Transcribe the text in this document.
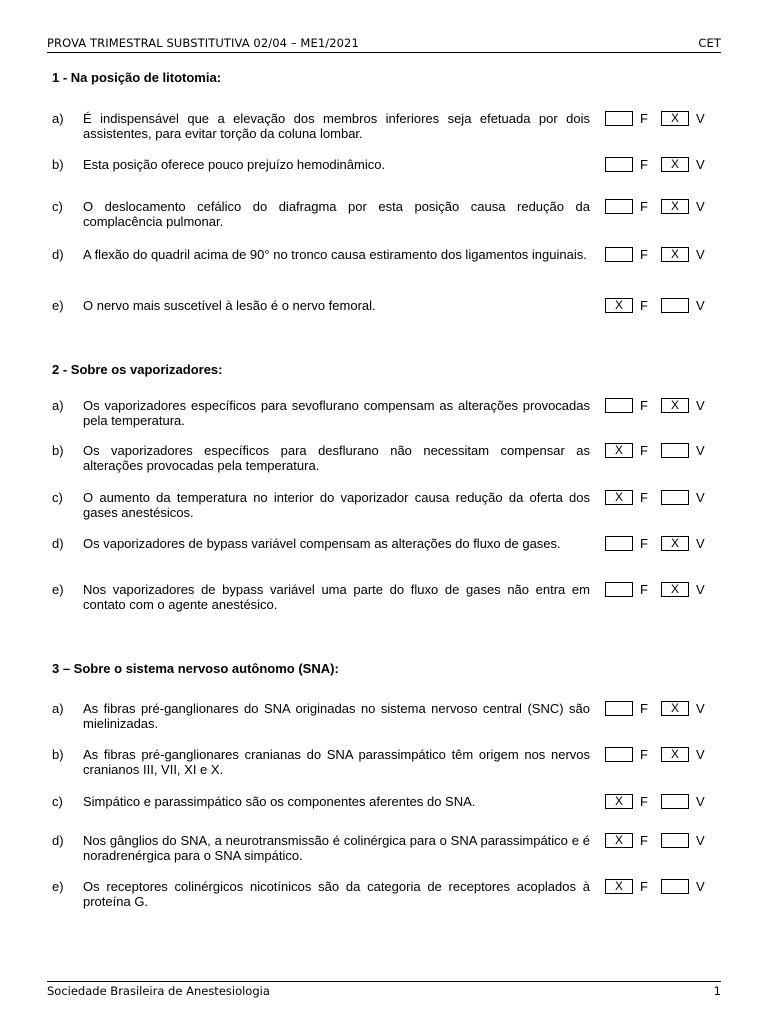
PROVA TRIMESTRAL SUBSTITUTIVA 02/04 – ME1/2021	CET
1 - Na posição de litotomia:
a) É indispensável que a elevação dos membros inferiores seja efetuada por dois assistentes, para evitar torção da coluna lombar.
F	X	V
b) Esta posição oferece pouco prejuízo hemodinâmico.	F	X	V
c) O deslocamento cefálico do diafragma por esta posição causa redução da complacência pulmonar.
F	X	V
d) A flexão do quadril acima de 90° no tronco causa estiramento dos ligamentos inguinais.	F	X	V
e) O nervo mais suscetível à lesão é o nervo femoral.	X	F	V
2 - Sobre os vaporizadores:
a) Os vaporizadores específicos para sevoflurano compensam as alterações provocadas pela temperatura.
F	X	V
b) Os vaporizadores específicos para desflurano não necessitam compensar as alterações provocadas pela temperatura.
X	F	V
c) O aumento da temperatura no interior do vaporizador causa redução da oferta dos gases anestésicos.
X	F	V
d) Os vaporizadores de bypass variável compensam as alterações do fluxo de gases.	F	X	V
e) Nos vaporizadores de bypass variável uma parte do fluxo de gases não entra em contato com o agente anestésico.
F	X	V
3 – Sobre o sistema nervoso autônomo (SNA):
a) As fibras pré-ganglionares do SNA originadas no sistema nervoso central (SNC) são mielinizadas.
F	X	V
b) As fibras pré-ganglionares cranianas do SNA parassimpático têm origem nos nervos cranianos III, VII, XI e X.
F	X	V
c) Simpático e parassimpático são os componentes aferentes do SNA.	X	F	V
d) Nos gânglios do SNA, a neurotransmissão é colinérgica para o SNA parassimpático e é noradrenérgica para o SNA simpático.
X	F	V
e) Os receptores colinérgicos nicotínicos são da categoria de receptores acoplados à proteína G.
X	F	V
Sociedade Brasileira de Anestesiologia	1
